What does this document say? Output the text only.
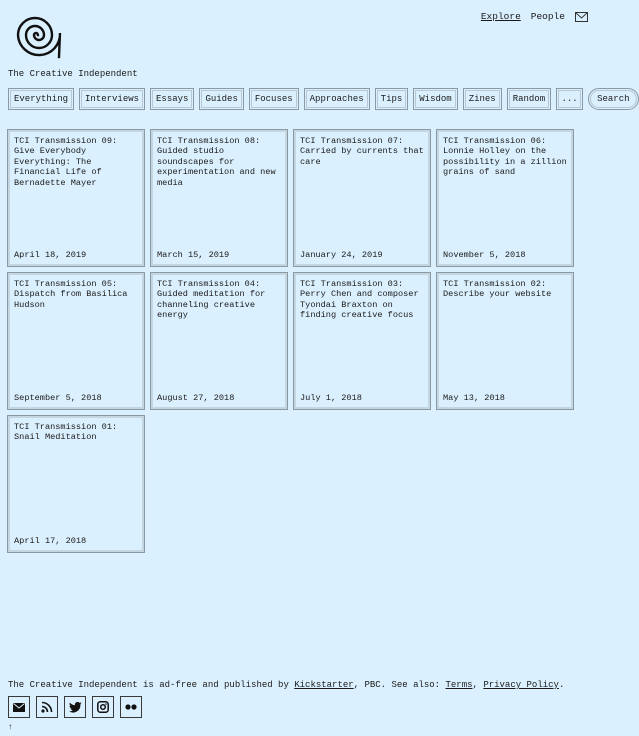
The Creative Independent
Explore People
Everything	Interviews	Essays	Guides	Focuses	Approaches	Tips	Wisdom	Zines	Random	...	Search
TCI Transmission 09: Give Everybody Everything: The Financial Life of Bernadette Mayer
April 18, 2019
TCI Transmission 08: Guided studio soundscapes for experimentation and new media
March 15, 2019
TCI Transmission 07: Carried by currents that care
January 24, 2019
TCI Transmission 06: Lonnie Holley on the possibility in a zillion grains of sand
November 5, 2018
TCI Transmission 05: Dispatch from Basilica Hudson
September 5, 2018
TCI Transmission 04: Guided meditation for channeling creative energy
August 27, 2018
TCI Transmission 03: Perry Chen and composer Tyondai Braxton on finding creative focus
July 1, 2018
TCI Transmission 02: Describe your website
May 13, 2018
TCI Transmission 01: Snail Meditation
April 17, 2018
The Creative Independent is ad-free and published by Kickstarter, PBC. See also: Terms, Privacy Policy.
↑
